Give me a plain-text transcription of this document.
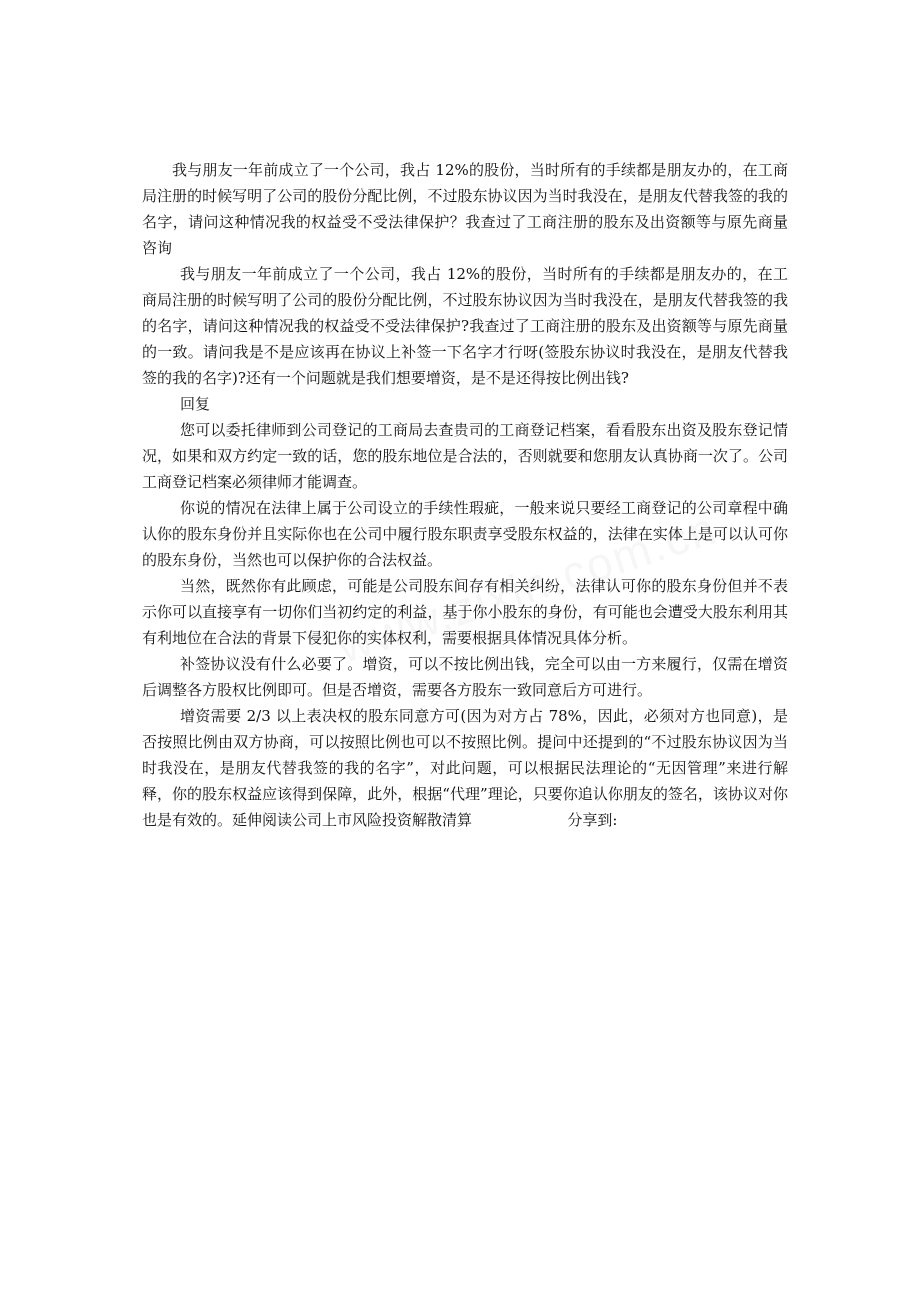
我与朋友一年前成立了一个公司，我占 12%的股份，当时所有的手续都是朋友办的，在工商局注册的时候写明了公司的股份分配比例，不过股东协议因为当时我没在，是朋友代替我签的我的名字，请问这种情况我的权益受不受法律保护？我查过了工商注册的股东及出资额等与原先商量        咨询

我与朋友一年前成立了一个公司，我占 12%的股份，当时所有的手续都是朋友办的，在工商局注册的时候写明了公司的股份分配比例，不过股东协议因为当时我没在，是朋友代替我签的我的名字，请问这种情况我的权益受不受法律保护?我查过了工商注册的股东及出资额等与原先商量的一致。请问我是不是应该再在协议上补签一下名字才行呀(签股东协议时我没在，是朋友代替我签的我的名字)?还有一个问题就是我们想要增资，是不是还得按比例出钱?

回复

您可以委托律师到公司登记的工商局去查贵司的工商登记档案，看看股东出资及股东登记情况，如果和双方约定一致的话，您的股东地位是合法的，否则就要和您朋友认真协商一次了。公司工商登记档案必须律师才能调查。

你说的情况在法律上属于公司设立的手续性瑕疵，一般来说只要经工商登记的公司章程中确认你的股东身份并且实际你也在公司中履行股东职责享受股东权益的，法律在实体上是可以认可你的股东身份，当然也可以保护你的合法权益。

当然，既然你有此顾虑，可能是公司股东间存有相关纠纷，法律认可你的股东身份但并不表示你可以直接享有一切你们当初约定的利益，基于你小股东的身份，有可能也会遭受大股东利用其有利地位在合法的背景下侵犯你的实体权利，需要根据具体情况具体分析。

补签协议没有什么必要了。增资，可以不按比例出钱，完全可以由一方来履行，仅需在增资后调整各方股权比例即可。但是否增资，需要各方股东一致同意后方可进行。

增资需要 2/3 以上表决权的股东同意方可(因为对方占 78%，因此，必须对方也同意)，是否按照比例由双方协商，可以按照比例也可以不按照比例。提问中还提到的“不过股东协议因为当时我没在，是朋友代替我签的我的名字”，对此问题，可以根据民法理论的“无因管理”来进行解释，你的股东权益应该得到保障，此外，根据“代理”理论，只要你追认你朋友的签名，该协议对你也是有效的。延伸阅读公司上市风险投资解散清算                    分享到:
